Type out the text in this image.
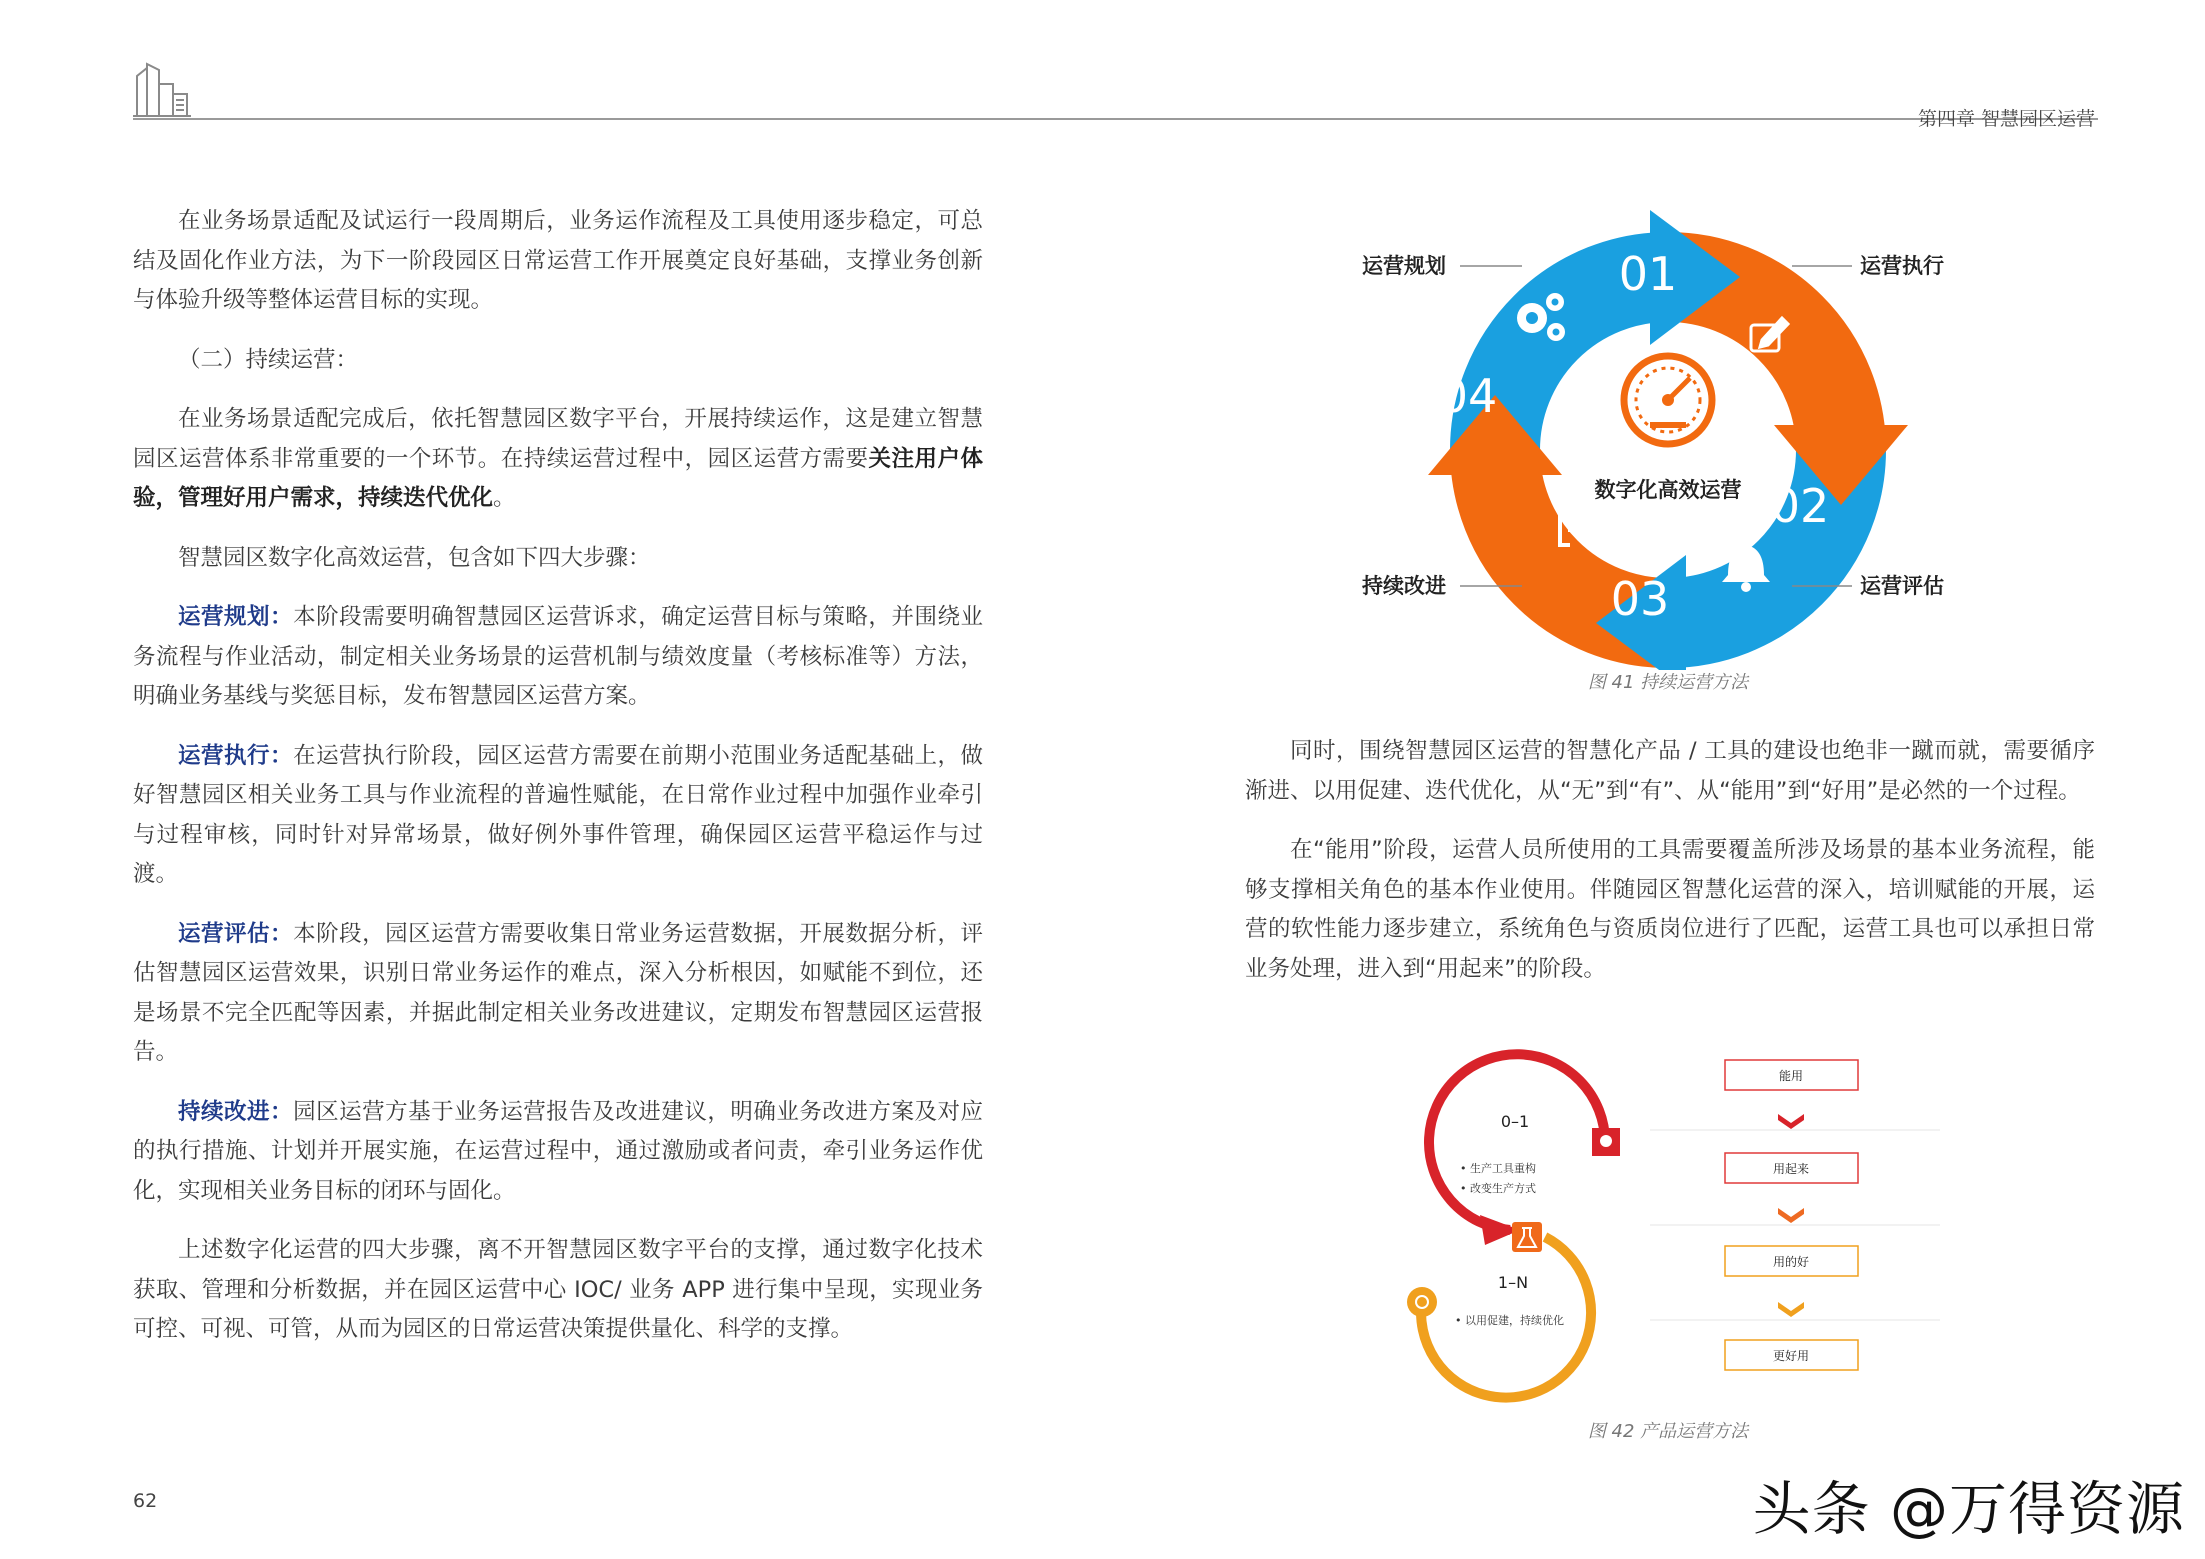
第四章 智慧园区运营

在业务场景适配及试运行一段周期后，业务运作流程及工具使用逐步稳定，可总结及固化作业方法，为下一阶段园区日常运营工作开展奠定良好基础，支撑业务创新与体验升级等整体运营目标的实现。

（二）持续运营：

在业务场景适配完成后，依托智慧园区数字平台，开展持续运作，这是建立智慧园区运营体系非常重要的一个环节。在持续运营过程中，园区运营方需要关注用户体验，管理好用户需求，持续迭代优化。

智慧园区数字化高效运营，包含如下四大步骤：

运营规划：本阶段需要明确智慧园区运营诉求，确定运营目标与策略，并围绕业务流程与作业活动，制定相关业务场景的运营机制与绩效度量（考核标准等）方法，明确业务基线与奖惩目标，发布智慧园区运营方案。

运营执行：在运营执行阶段，园区运营方需要在前期小范围业务适配基础上，做好智慧园区相关业务工具与作业流程的普遍性赋能，在日常作业过程中加强作业牵引与过程审核，同时针对异常场景，做好例外事件管理，确保园区运营平稳运作与过渡。

运营评估：本阶段，园区运营方需要收集日常业务运营数据，开展数据分析，评估智慧园区运营效果，识别日常业务运作的难点，深入分析根因，如赋能不到位，还是场景不完全匹配等因素，并据此制定相关业务改进建议，定期发布智慧园区运营报告。

持续改进：园区运营方基于业务运营报告及改进建议，明确业务改进方案及对应的执行措施、计划并开展实施，在运营过程中，通过激励或者问责，牵引业务运作优化，实现相关业务目标的闭环与固化。

上述数字化运营的四大步骤，离不开智慧园区数字平台的支撑，通过数字化技术获取、管理和分析数据，并在园区运营中心 IOC/ 业务 APP 进行集中呈现，实现业务可控、可视、可管，从而为园区的日常运营决策提供量化、科学的支撑。

01
02
03
04
数字化高效运营
运营规划	运营执行
运营评估
持续改进
图 41 持续运营方法

同时，围绕智慧园区运营的智慧化产品 / 工具的建设也绝非一蹴而就，需要循序渐进、以用促建、迭代优化，从“无”到“有”、从“能用”到“好用”是必然的一个过程。

在“能用”阶段，运营人员所使用的工具需要覆盖所涉及场景的基本业务流程，能够支撑相关角色的基本作业使用。伴随园区智慧化运营的深入，培训赋能的开展，运营的软性能力逐步建立，系统角色与资质岗位进行了匹配，运营工具也可以承担日常业务处理，进入到“用起来”的阶段。

0–1
• 生产工具重构
• 改变生产方式
1–N
• 以用促建，持续优化
能用
用起来
用的好
更好用
图 42 产品运营方法
62	头条 @万得资源
